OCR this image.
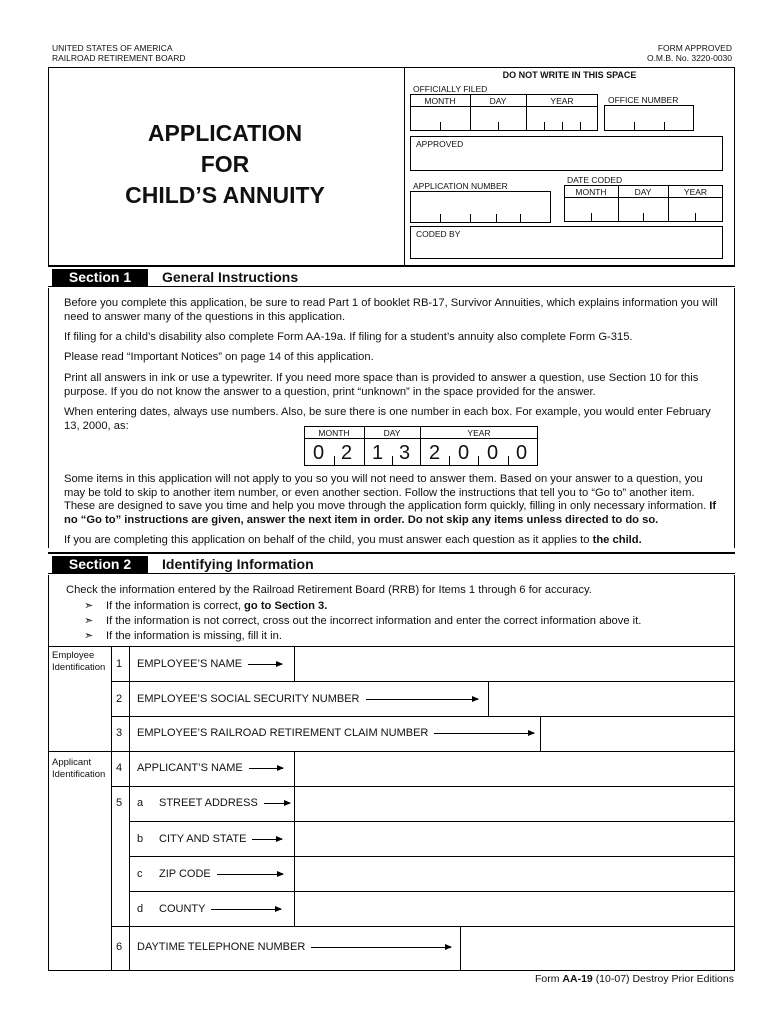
UNITED STATES OF AMERICA
RAILROAD RETIREMENT BOARD
FORM APPROVED
O.M.B. No. 3220-0030
APPLICATION
FOR
CHILD’S ANNUITY
DO NOT WRITE IN THIS SPACE
OFFICIALLY FILED
MONTH	DAY	YEAR	OFFICE NUMBER
APPROVED
APPLICATION NUMBER
DATE CODED
MONTH	DAY	YEAR
CODED BY
Section 1	General Instructions
Before you complete this application, be sure to read Part 1 of booklet RB-17, Survivor Annuities, which explains information you will need to answer many of the questions in this application.
If filing for a child’s disability also complete Form AA-19a. If filing for a student’s annuity also complete Form G-315.
Please read “Important Notices” on page 14 of this application.
Print all answers in ink or use a typewriter. If you need more space than is provided to answer a question, use Section 10 for this purpose. If you do not know the answer to a question, print “unknown” in the space provided for the answer.
When entering dates, always use numbers. Also, be sure there is one number in each box. For example, you would enter February 13, 2000, as:
MONTH	DAY	YEAR
0 2 1 3 2 0 0 0
Some items in this application will not apply to you so you will not need to answer them. Based on your answer to a question, you may be told to skip to another item number, or even another section. Follow the instructions that tell you to “Go to” another item. These are designed to save you time and help you move through the application form quickly, filling in only necessary information. If no “Go to” instructions are given, answer the next item in order. Do not skip any items unless directed to do so.
If you are completing this application on behalf of the child, you must answer each question as it applies to the child.
Section 2	Identifying Information
Check the information entered by the Railroad Retirement Board (RRB) for Items 1 through 6 for accuracy.
➣ If the information is correct, go to Section 3.
➣ If the information is not correct, cross out the incorrect information and enter the correct information above it.
➣ If the information is missing, fill it in.
Employee
Identification
Applicant
Identification
1 EMPLOYEE’S NAME
2 EMPLOYEE’S SOCIAL SECURITY NUMBER
3 EMPLOYEE’S RAILROAD RETIREMENT CLAIM NUMBER
4 APPLICANT’S NAME
5 a STREET ADDRESS
b CITY AND STATE
c ZIP CODE
d COUNTY
6 DAYTIME TELEPHONE NUMBER
Form AA-19 (10-07) Destroy Prior Editions
